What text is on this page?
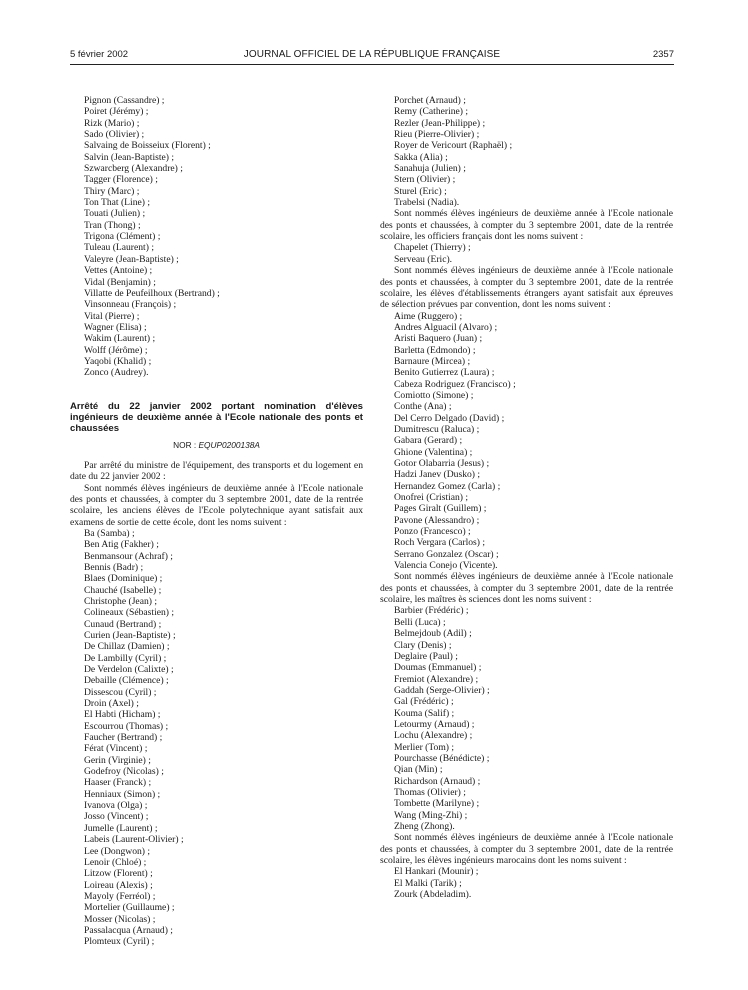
5 février 2002	JOURNAL OFFICIEL DE LA RÉPUBLIQUE FRANÇAISE	2357
Pignon (Cassandre) ;
Poiret (Jérémy) ;
Rizk (Mario) ;
Sado (Olivier) ;
Salvaing de Boisseiux (Florent) ;
Salvin (Jean-Baptiste) ;
Szwarcberg (Alexandre) ;
Tagger (Florence) ;
Thiry (Marc) ;
Ton That (Line) ;
Touati (Julien) ;
Tran (Thong) ;
Trigona (Clément) ;
Tuleau (Laurent) ;
Valeyre (Jean-Baptiste) ;
Vettes (Antoine) ;
Vidal (Benjamin) ;
Villatte de Peufeilhoux (Bertrand) ;
Vinsonneau (François) ;
Vital (Pierre) ;
Wagner (Elisa) ;
Wakim (Laurent) ;
Wolff (Jérôme) ;
Yaqobi (Khalid) ;
Zonco (Audrey).
Arrêté du 22 janvier 2002 portant nomination d'élèves ingénieurs de deuxième année à l'Ecole nationale des ponts et chaussées
NOR : EQUP0200138A
Par arrêté du ministre de l'équipement, des transports et du logement en date du 22 janvier 2002 :
Sont nommés élèves ingénieurs de deuxième année à l'Ecole nationale des ponts et chaussées, à compter du 3 septembre 2001, date de la rentrée scolaire, les anciens élèves de l'Ecole polytechnique ayant satisfait aux examens de sortie de cette école, dont les noms suivent :
Ba (Samba) ;
Ben Atig (Fakher) ;
Benmansour (Achraf) ;
Bennis (Badr) ;
Blaes (Dominique) ;
Chauché (Isabelle) ;
Christophe (Jean) ;
Colineaux (Sébastien) ;
Cunaud (Bertrand) ;
Curien (Jean-Baptiste) ;
De Chillaz (Damien) ;
De Lambilly (Cyril) ;
De Verdelon (Calixte) ;
Debaille (Clémence) ;
Dissescou (Cyril) ;
Droin (Axel) ;
El Habti (Hicham) ;
Escourrou (Thomas) ;
Faucher (Bertrand) ;
Férat (Vincent) ;
Gerin (Virginie) ;
Godefroy (Nicolas) ;
Haaser (Franck) ;
Henniaux (Simon) ;
Ivanova (Olga) ;
Josso (Vincent) ;
Jumelle (Laurent) ;
Labeis (Laurent-Olivier) ;
Lee (Dongwon) ;
Lenoir (Chloé) ;
Litzow (Florent) ;
Loireau (Alexis) ;
Mayoly (Ferréol) ;
Mortelier (Guillaume) ;
Mosser (Nicolas) ;
Passalacqua (Arnaud) ;
Plomteux (Cyril) ;
Porchet (Arnaud) ;
Remy (Catherine) ;
Rezler (Jean-Philippe) ;
Rieu (Pierre-Olivier) ;
Royer de Vericourt (Raphaël) ;
Sakka (Alia) ;
Sanahuja (Julien) ;
Stern (Olivier) ;
Sturel (Eric) ;
Trabelsi (Nadia).
Sont nommés élèves ingénieurs de deuxième année à l'Ecole nationale des ponts et chaussées, à compter du 3 septembre 2001, date de la rentrée scolaire, les officiers français dont les noms suivent :
Chapelet (Thierry) ;
Serveau (Eric).
Sont nommés élèves ingénieurs de deuxième année à l'Ecole nationale des ponts et chaussées, à compter du 3 septembre 2001, date de la rentrée scolaire, les élèves d'établissements étrangers ayant satisfait aux épreuves de sélection prévues par convention, dont les noms suivent :
Aime (Ruggero) ;
Andres Alguacil (Alvaro) ;
Aristi Baquero (Juan) ;
Barletta (Edmondo) ;
Barnaure (Mircea) ;
Benito Gutierrez (Laura) ;
Cabeza Rodriguez (Francisco) ;
Comiotto (Simone) ;
Conthe (Ana) ;
Del Cerro Delgado (David) ;
Dumitrescu (Raluca) ;
Gabara (Gerard) ;
Ghione (Valentina) ;
Gotor Olabarria (Jesus) ;
Hadzi Janev (Dusko) ;
Hernandez Gomez (Carla) ;
Onofrei (Cristian) ;
Pages Giralt (Guillem) ;
Pavone (Alessandro) ;
Ponzo (Francesco) ;
Roch Vergara (Carlos) ;
Serrano Gonzalez (Oscar) ;
Valencia Conejo (Vicente).
Sont nommés élèves ingénieurs de deuxième année à l'Ecole nationale des ponts et chaussées, à compter du 3 septembre 2001, date de la rentrée scolaire, les maîtres ès sciences dont les noms suivent :
Barbier (Frédéric) ;
Belli (Luca) ;
Belmejdoub (Adil) ;
Clary (Denis) ;
Deglaire (Paul) ;
Doumas (Emmanuel) ;
Fremiot (Alexandre) ;
Gaddah (Serge-Olivier) ;
Gal (Frédéric) ;
Kouma (Salif) ;
Letourmy (Arnaud) ;
Lochu (Alexandre) ;
Merlier (Tom) ;
Pourchasse (Bénédicte) ;
Qian (Min) ;
Richardson (Arnaud) ;
Thomas (Olivier) ;
Tombette (Marilyne) ;
Wang (Ming-Zhi) ;
Zheng (Zhong).
Sont nommés élèves ingénieurs de deuxième année à l'Ecole nationale des ponts et chaussées, à compter du 3 septembre 2001, date de la rentrée scolaire, les élèves ingénieurs marocains dont les noms suivent :
El Hankari (Mounir) ;
El Malki (Tarik) ;
Zourk (Abdeladim).
